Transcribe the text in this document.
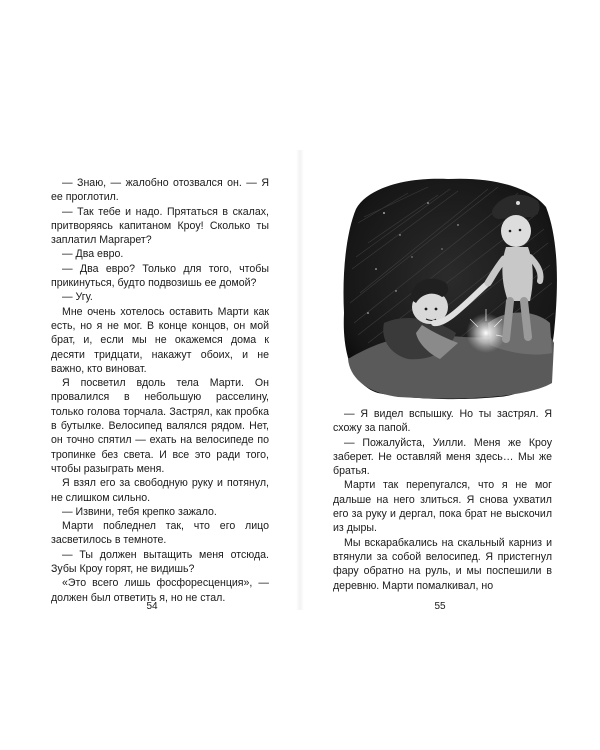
— Знаю, — жалобно отозвался он. — Я ее проглотил.

— Так тебе и надо. Прятаться в скалах, притворяясь капитаном Кроу! Сколько ты заплатил Маргарет?

— Два евро.

— Два евро? Только для того, чтобы прикинуться, будто подвозишь ее домой?

— Угу.

Мне очень хотелось оставить Марти как есть, но я не мог. В конце концов, он мой брат, и, если мы не окажемся дома к десяти тридцати, накажут обоих, и не важно, кто виноват.

Я посветил вдоль тела Марти. Он провалился в небольшую расселину, только голова торчала. Застрял, как пробка в бутылке. Велосипед валялся рядом. Нет, он точно спятил — ехать на велосипеде по тропинке без света. И все это ради того, чтобы разыграть меня.

Я взял его за свободную руку и потянул, не слишком сильно.

— Извини, тебя крепко зажало.

Марти побледнел так, что его лицо засветилось в темноте.

— Ты должен вытащить меня отсюда. Зубы Кроу горят, не видишь?

«Это всего лишь фосфоресценция», — должен был ответить я, но не стал.

54

— Я видел вспышку. Но ты застрял. Я схожу за папой.

— Пожалуйста, Уилли. Меня же Кроу заберет. Не оставляй меня здесь… Мы же братья.

Марти так перепугался, что я не мог дальше на него злиться. Я снова ухватил его за руку и дергал, пока брат не выскочил из дыры.

Мы вскарабкались на скальный карниз и втянули за собой велосипед. Я пристегнул фару обратно на руль, и мы поспешили в деревню. Марти помалкивал, но

55
